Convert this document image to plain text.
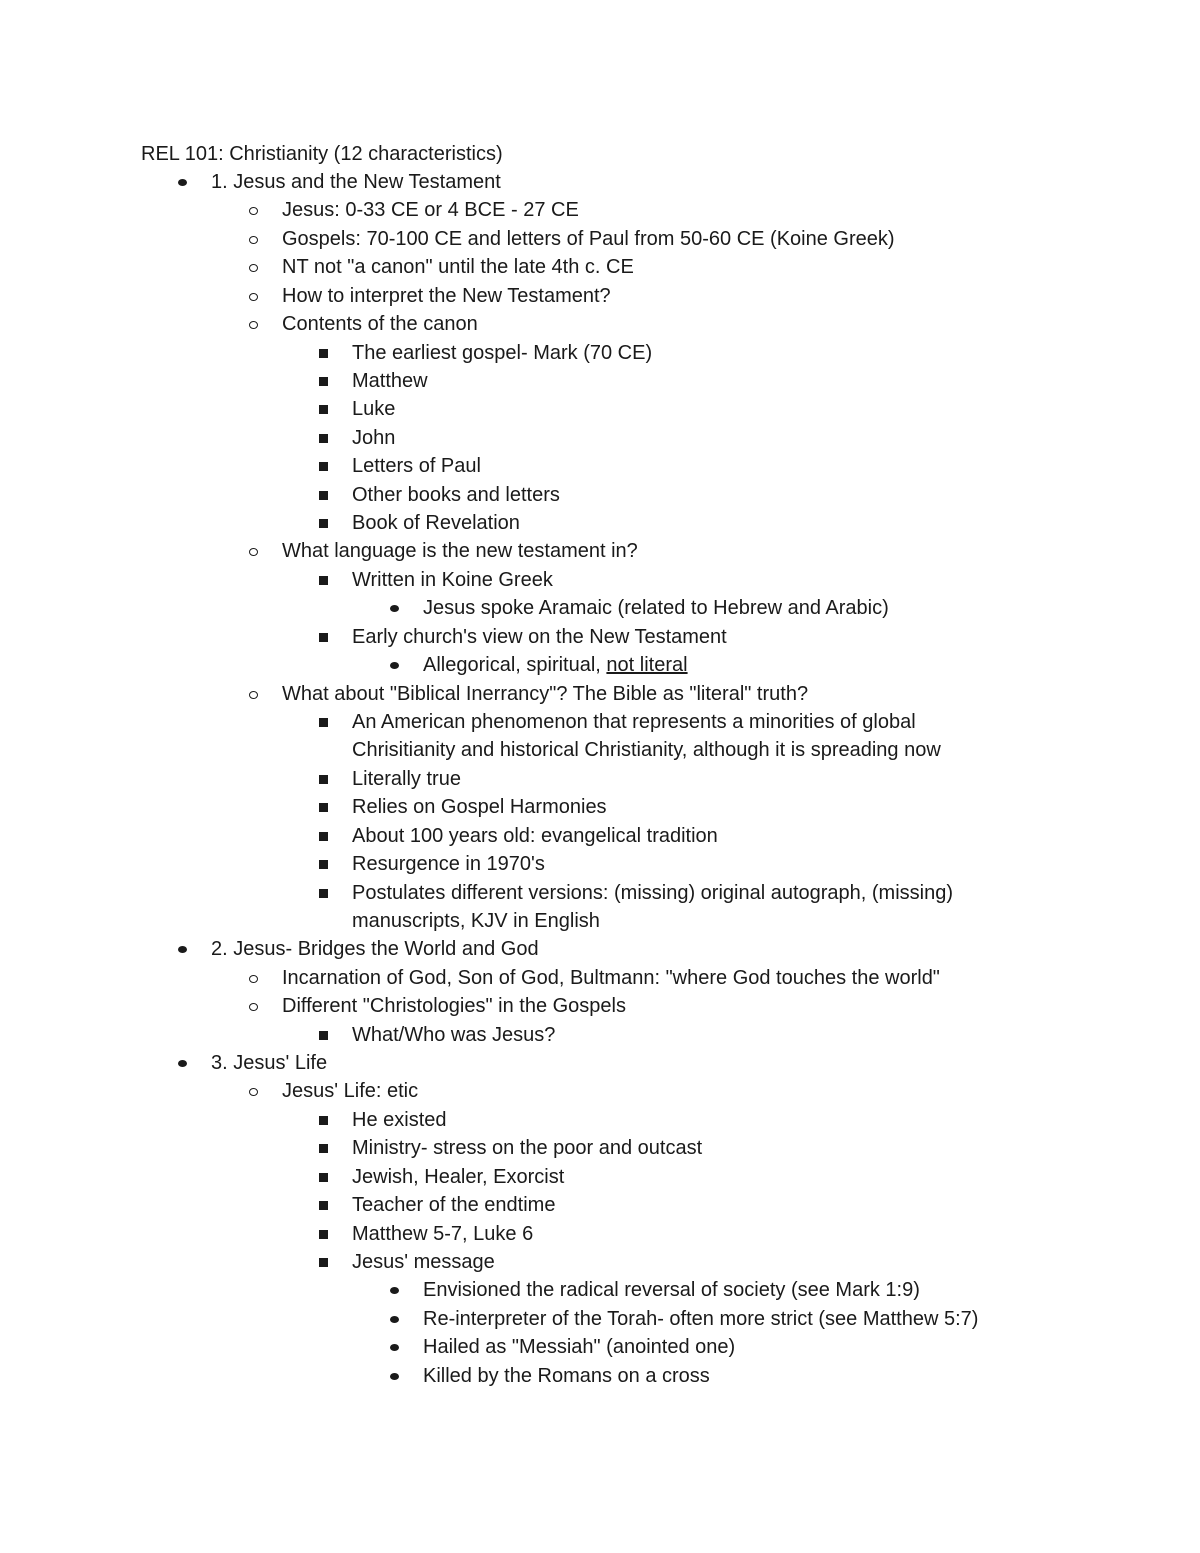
REL 101: Christianity (12 characteristics)
1. Jesus and the New Testament
Jesus: 0-33 CE or 4 BCE - 27 CE
Gospels: 70-100 CE and letters of Paul from 50-60 CE (Koine Greek)
NT not "a canon" until the late 4th c. CE
How to interpret the New Testament?
Contents of the canon
The earliest gospel- Mark (70 CE)
Matthew
Luke
John
Letters of Paul
Other books and letters
Book of Revelation
What language is the new testament in?
Written in Koine Greek
Jesus spoke Aramaic (related to Hebrew and Arabic)
Early church's view on the New Testament
Allegorical, spiritual, not literal
What about "Biblical Inerrancy"? The Bible as "literal" truth?
An American phenomenon that represents a minorities of global
Chrisitianity and historical Christianity, although it is spreading now
Literally true
Relies on Gospel Harmonies
About 100 years old: evangelical tradition
Resurgence in 1970's
Postulates different versions: (missing) original autograph, (missing)
manuscripts, KJV in English
2. Jesus- Bridges the World and God
Incarnation of God, Son of God, Bultmann: "where God touches the world"
Different "Christologies" in the Gospels
What/Who was Jesus?
3. Jesus' Life
Jesus' Life: etic
He existed
Ministry- stress on the poor and outcast
Jewish, Healer, Exorcist
Teacher of the endtime
Matthew 5-7, Luke 6
Jesus' message
Envisioned the radical reversal of society (see Mark 1:9)
Re-interpreter of the Torah- often more strict (see Matthew 5:7)
Hailed as "Messiah" (anointed one)
Killed by the Romans on a cross
